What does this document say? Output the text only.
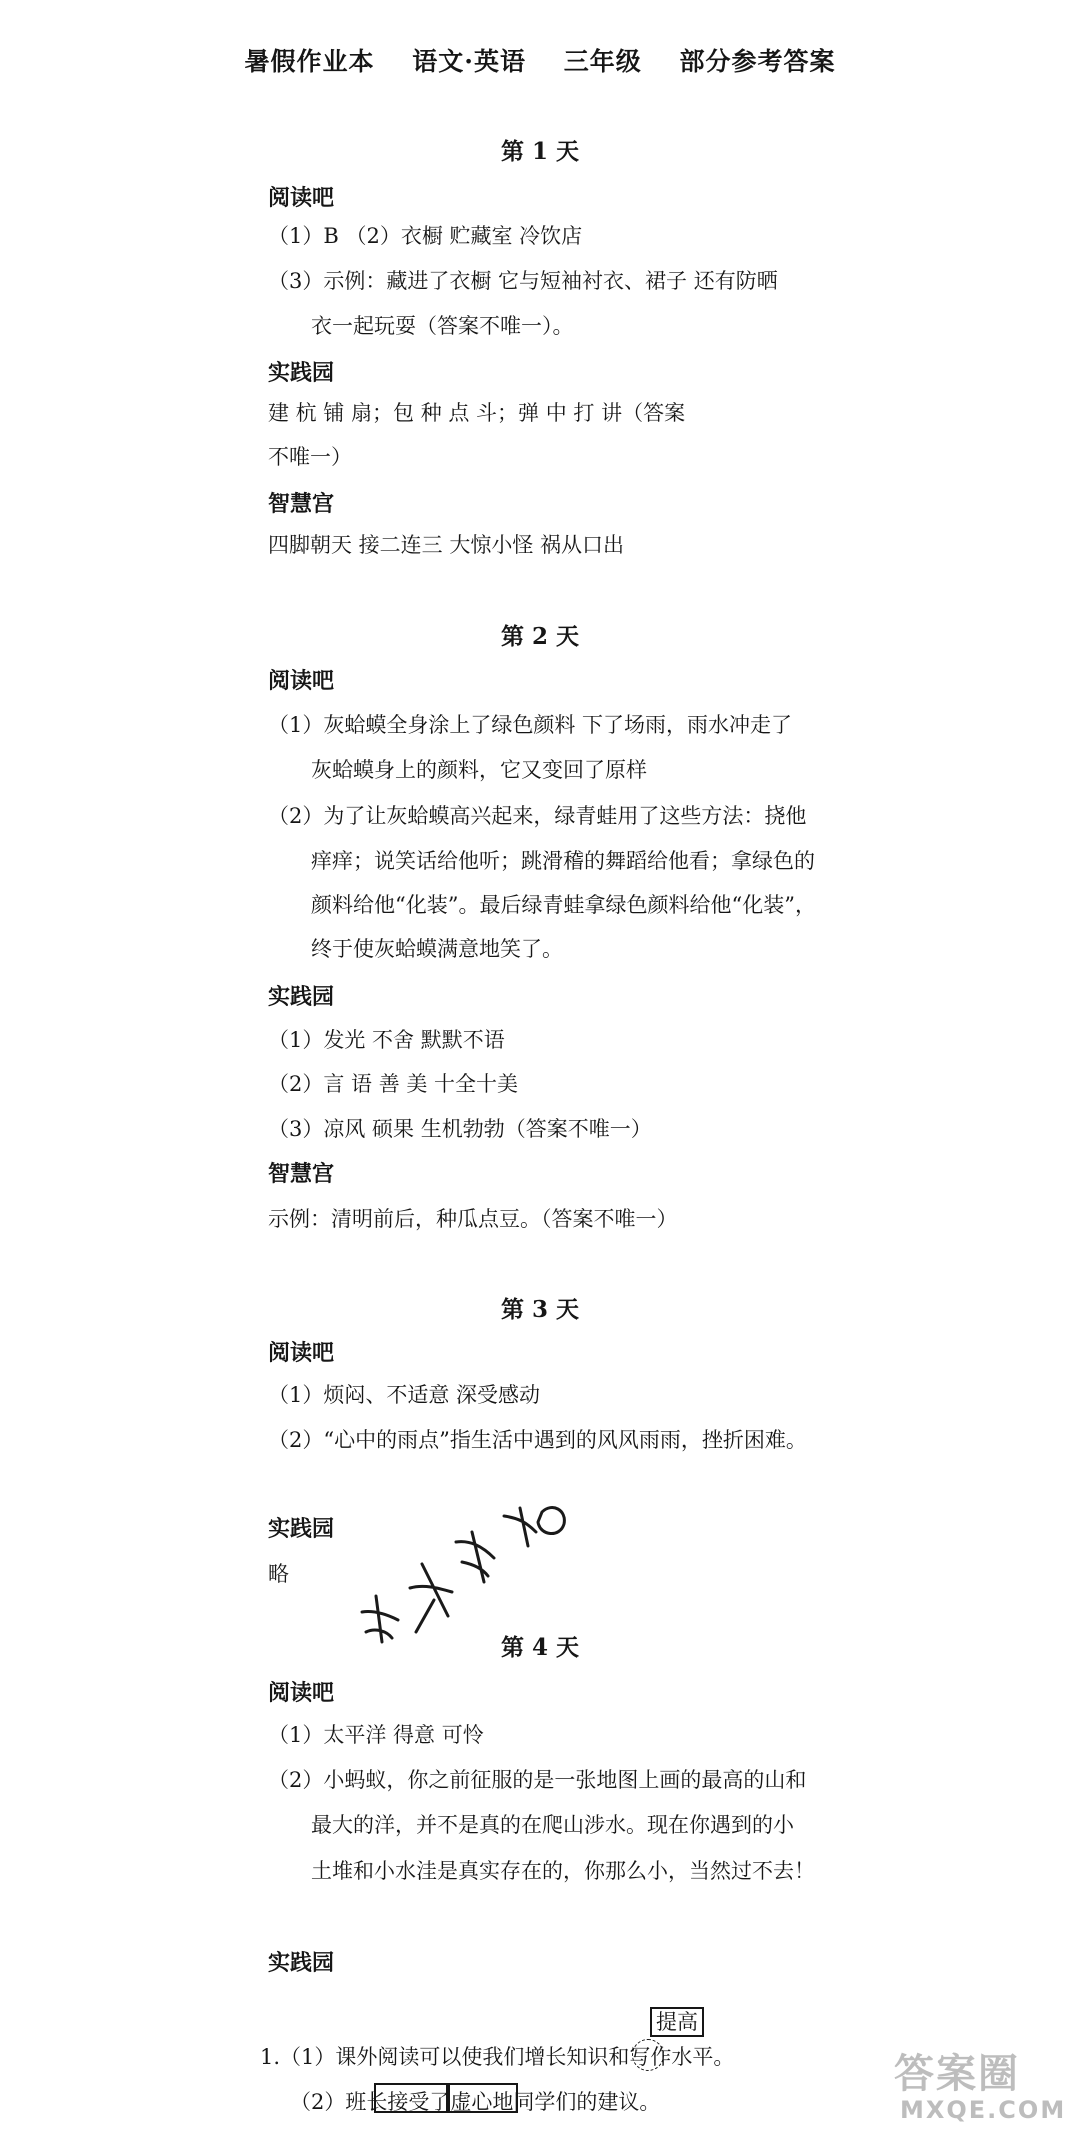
暑假作业本 语文·英语 三年级 部分参考答案
第 1 天
阅读吧
（1）B （2）衣橱 贮藏室 冷饮店
（3）示例：藏进了衣橱 它与短袖衬衣、裙子 还有防晒
衣一起玩耍（答案不唯一）。
实践园
建 杭 铺 扇；包 种 点 斗；弹 中 打 讲（答案
不唯一）
智慧宫
四脚朝天 接二连三 大惊小怪 祸从口出
第 2 天
阅读吧
（1）灰蛤蟆全身涂上了绿色颜料 下了场雨，雨水冲走了
灰蛤蟆身上的颜料，它又变回了原样
（2）为了让灰蛤蟆高兴起来，绿青蛙用了这些方法：挠他
痒痒；说笑话给他听；跳滑稽的舞蹈给他看；拿绿色的
颜料给他“化装”。最后绿青蛙拿绿色颜料给他“化装”，
终于使灰蛤蟆满意地笑了。
实践园
（1）发光 不舍 默默不语
（2）言 语 善 美 十全十美
（3）凉风 硕果 生机勃勃（答案不唯一）
智慧宫
示例：清明前后，种瓜点豆。（答案不唯一）
第 3 天
阅读吧
（1）烦闷、不适意 深受感动
（2）“心中的雨点”指生活中遇到的风风雨雨，挫折困难。
实践园
略
第 4 天
阅读吧
（1）太平洋 得意 可怜
（2）小蚂蚁，你之前征服的是一张地图上画的最高的山和
最大的洋，并不是真的在爬山涉水。现在你遇到的小
土堆和小水洼是真实存在的，你那么小，当然过不去！
实践园
提高
1.（1）课外阅读可以使我们增长知识和写作水平。
（2）班长接受了虚心地同学们的建议。
答案圈
MXQE.COM
